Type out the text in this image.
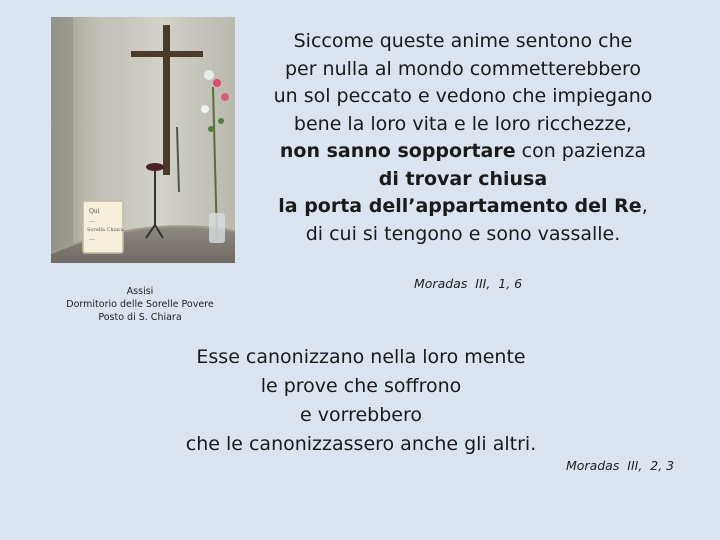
Qui
...
Sorella Chiara
...
Assisi
Dormitorio delle Sorelle Povere
Posto di S. Chiara
Siccome queste anime sentono che
per nulla al mondo commetterebbero
un sol peccato e vedono che impiegano
bene la loro vita e le loro ricchezze,
non sanno sopportare con pazienza
di trovar chiusa
la porta dell’appartamento del Re,
di cui si tengono e sono vassalle.
Moradas  III,  1, 6
Esse canonizzano nella loro mente
le prove che soffrono
e vorrebbero
che le canonizzassero anche gli altri.
Moradas  III,  2, 3
